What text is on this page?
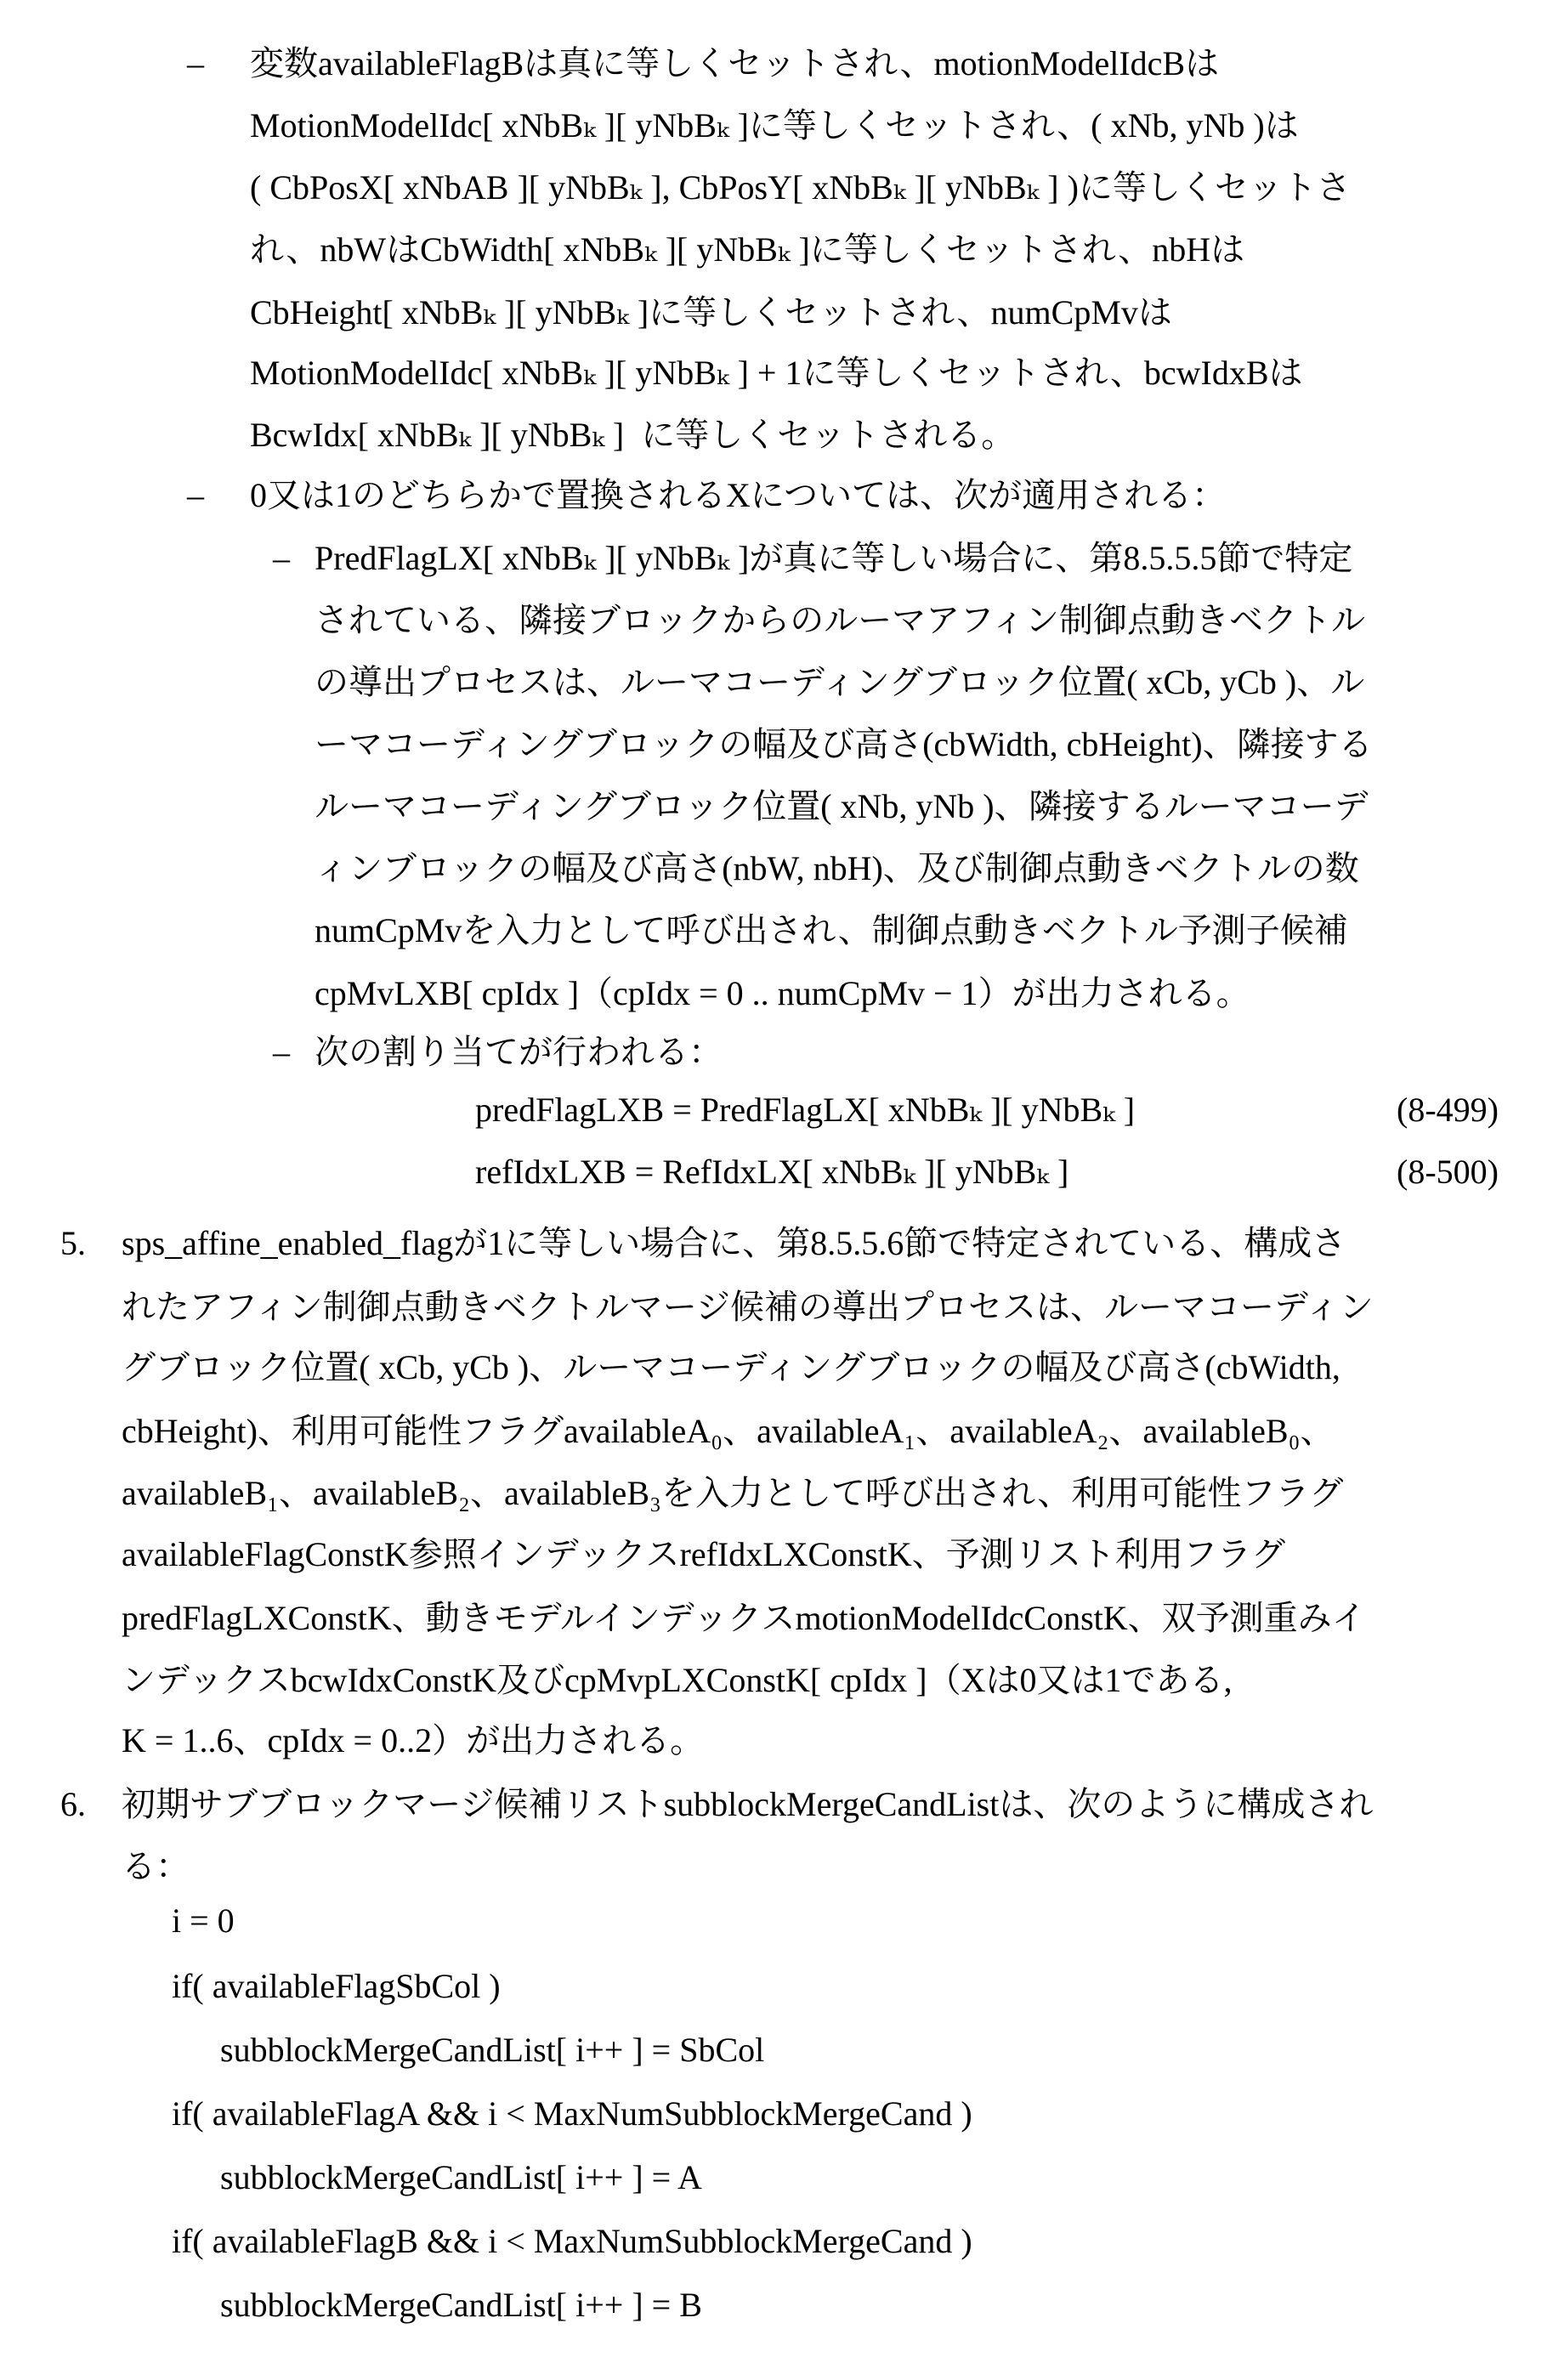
– 変数availableFlagBは真に等しくセットされ、motionModelIdcBは
MotionModelIdc[ xNbBₖ ][ yNbBₖ ]に等しくセットされ、( xNb, yNb )は
( CbPosX[ xNbAB ][ yNbBₖ ], CbPosY[ xNbBₖ ][ yNbBₖ ] )に等しくセットさ
れ、nbWはCbWidth[ xNbBₖ ][ yNbBₖ ]に等しくセットされ、nbHは
CbHeight[ xNbBₖ ][ yNbBₖ ]に等しくセットされ、numCpMvは
MotionModelIdc[ xNbBₖ ][ yNbBₖ ] + 1に等しくセットされ、bcwIdxBは
BcwIdx[ xNbBₖ ][ yNbBₖ ]  に等しくセットされる。
– 0又は1のどちらかで置換されるXについては、次が適用される：
– PredFlagLX[ xNbBₖ ][ yNbBₖ ]が真に等しい場合に、第8.5.5.5節で特定
されている、隣接ブロックからのルーマアフィン制御点動きベクトル
の導出プロセスは、ルーマコーディングブロック位置( xCb, yCb )、ル
ーマコーディングブロックの幅及び高さ(cbWidth, cbHeight)、隣接する
ルーマコーディングブロック位置( xNb, yNb )、隣接するルーマコーデ
ィンブロックの幅及び高さ(nbW, nbH)、及び制御点動きベクトルの数
numCpMvを入力として呼び出され、制御点動きベクトル予測子候補
cpMvLXB[ cpIdx ]（cpIdx = 0 .. numCpMv − 1）が出力される。
– 次の割り当てが行われる：
predFlagLXB = PredFlagLX[ xNbBₖ ][ yNbBₖ ]	(8-499)
refIdxLXB = RefIdxLX[ xNbBₖ ][ yNbBₖ ]	(8-500)
5. sps_affine_enabled_flagが1に等しい場合に、第8.5.5.6節で特定されている、構成さ
れたアフィン制御点動きベクトルマージ候補の導出プロセスは、ルーマコーディン
グブロック位置( xCb, yCb )、ルーマコーディングブロックの幅及び高さ(cbWidth,
cbHeight)、利用可能性フラグavailableA₀、availableA₁、availableA₂、availableB₀、
availableB₁、availableB₂、availableB₃を入力として呼び出され、利用可能性フラグ
availableFlagConstK参照インデックスrefIdxLXConstK、予測リスト利用フラグ
predFlagLXConstK、動きモデルインデックスmotionModelIdcConstK、双予測重みイ
ンデックスbcwIdxConstK及びcpMvpLXConstK[ cpIdx ]（Xは0又は1である,
K = 1..6、cpIdx = 0..2）が出力される。
6. 初期サブブロックマージ候補リストsubblockMergeCandListは、次のように構成され
る：
i = 0
if( availableFlagSbCol )
subblockMergeCandList[ i++ ] = SbCol
if( availableFlagA && i < MaxNumSubblockMergeCand )
subblockMergeCandList[ i++ ] = A
if( availableFlagB && i < MaxNumSubblockMergeCand )
subblockMergeCandList[ i++ ] = B
